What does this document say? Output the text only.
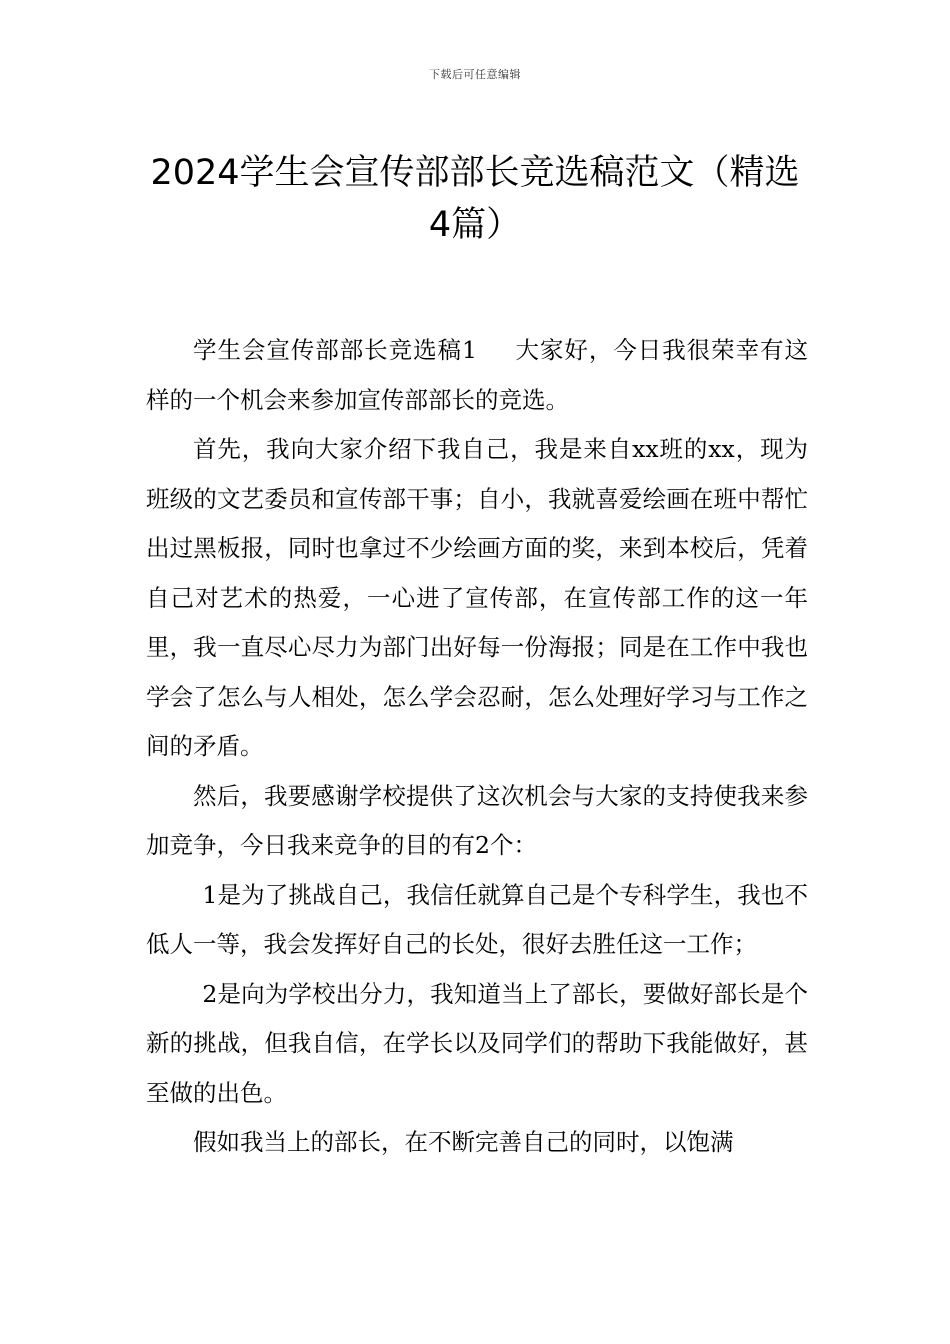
下载后可任意编辑
2024学生会宣传部部长竞选稿范文（精选
4篇）

学生会宣传部部长竞选稿1 大家好，今日我很荣幸有这样的一个机会来参加宣传部部长的竞选。

首先，我向大家介绍下我自己，我是来自xx班的xx，现为班级的文艺委员和宣传部干事；自小，我就喜爱绘画在班中帮忙出过黑板报，同时也拿过不少绘画方面的奖，来到本校后，凭着自己对艺术的热爱，一心进了宣传部，在宣传部工作的这一年里，我一直尽心尽力为部门出好每一份海报；同是在工作中我也学会了怎么与人相处，怎么学会忍耐，怎么处理好学习与工作之间的矛盾。

然后，我要感谢学校提供了这次机会与大家的支持使我来参加竞争，今日我来竞争的目的有2个：

1是为了挑战自己，我信任就算自己是个专科学生，我也不低人一等，我会发挥好自己的长处，很好去胜任这一工作；

2是向为学校出分力，我知道当上了部长，要做好部长是个新的挑战，但我自信，在学长以及同学们的帮助下我能做好，甚至做的出色。

假如我当上的部长，在不断完善自己的同时，以饱满
